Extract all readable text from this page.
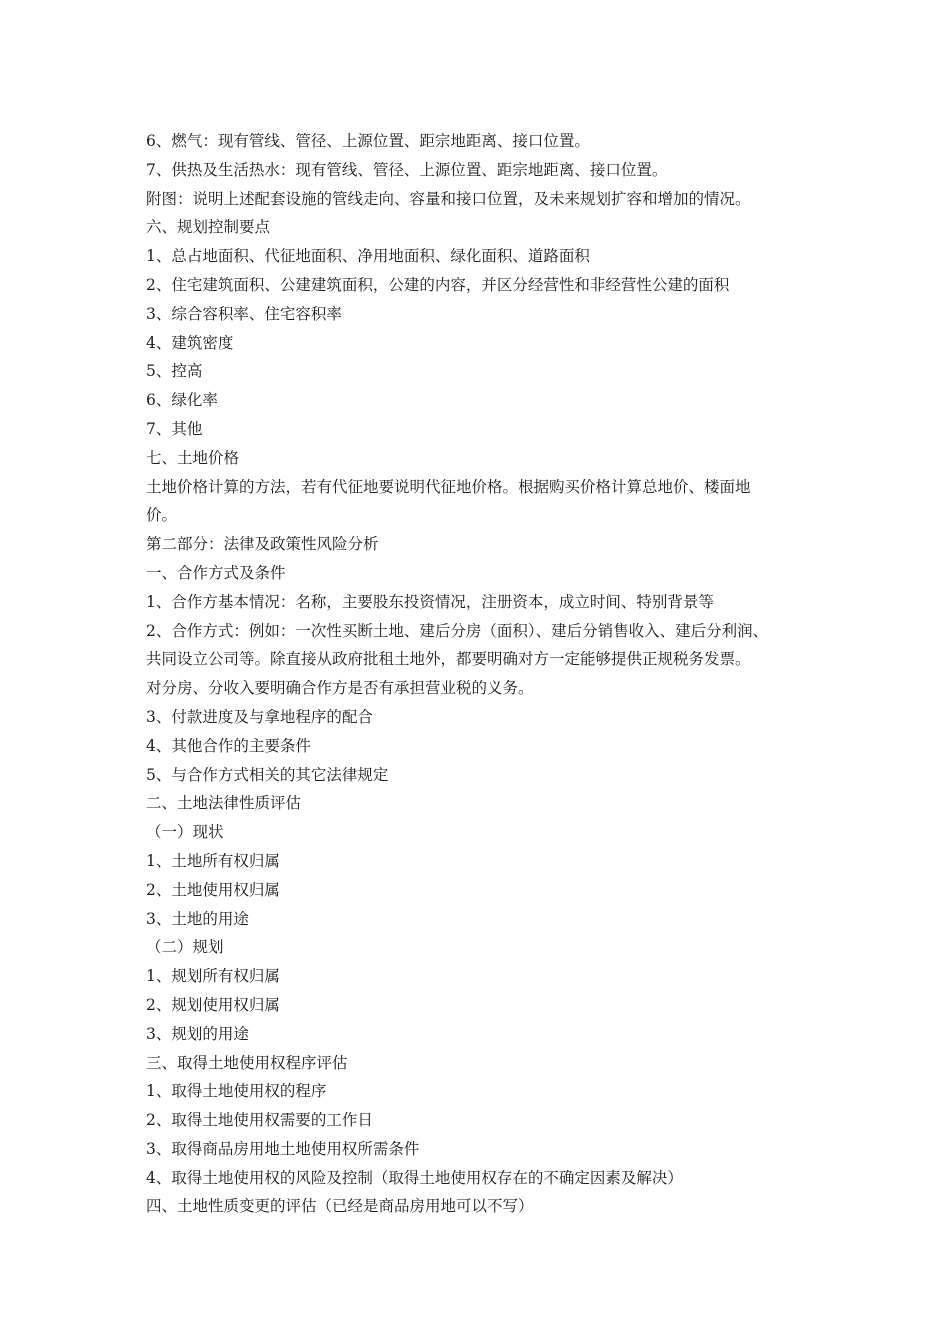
6、燃气：现有管线、管径、上源位置、距宗地距离、接口位置。

7、供热及生活热水：现有管线、管径、上源位置、距宗地距离、接口位置。

附图：说明上述配套设施的管线走向、容量和接口位置，及未来规划扩容和增加的情况。

六、规划控制要点

1、总占地面积、代征地面积、净用地面积、绿化面积、道路面积

2、住宅建筑面积、公建建筑面积，公建的内容，并区分经营性和非经营性公建的面积

3、综合容积率、住宅容积率

4、建筑密度

5、控高

6、绿化率

7、其他

七、土地价格

土地价格计算的方法，若有代征地要说明代征地价格。根据购买价格计算总地价、楼面地

价。

第二部分：法律及政策性风险分析

一、合作方式及条件

1、合作方基本情况：名称，主要股东投资情况，注册资本，成立时间、特别背景等

2、合作方式：例如：一次性买断土地、建后分房（面积）、建后分销售收入、建后分利润、

共同设立公司等。除直接从政府批租土地外，都要明确对方一定能够提供正规税务发票。

对分房、分收入要明确合作方是否有承担营业税的义务。

3、付款进度及与拿地程序的配合

4、其他合作的主要条件

5、与合作方式相关的其它法律规定

二、土地法律性质评估

（一）现状

1、土地所有权归属

2、土地使用权归属

3、土地的用途

（二）规划

1、规划所有权归属

2、规划使用权归属

3、规划的用途

三、取得土地使用权程序评估

1、取得土地使用权的程序

2、取得土地使用权需要的工作日

3、取得商品房用地土地使用权所需条件

4、取得土地使用权的风险及控制（取得土地使用权存在的不确定因素及解决）

四、土地性质变更的评估（已经是商品房用地可以不写）
